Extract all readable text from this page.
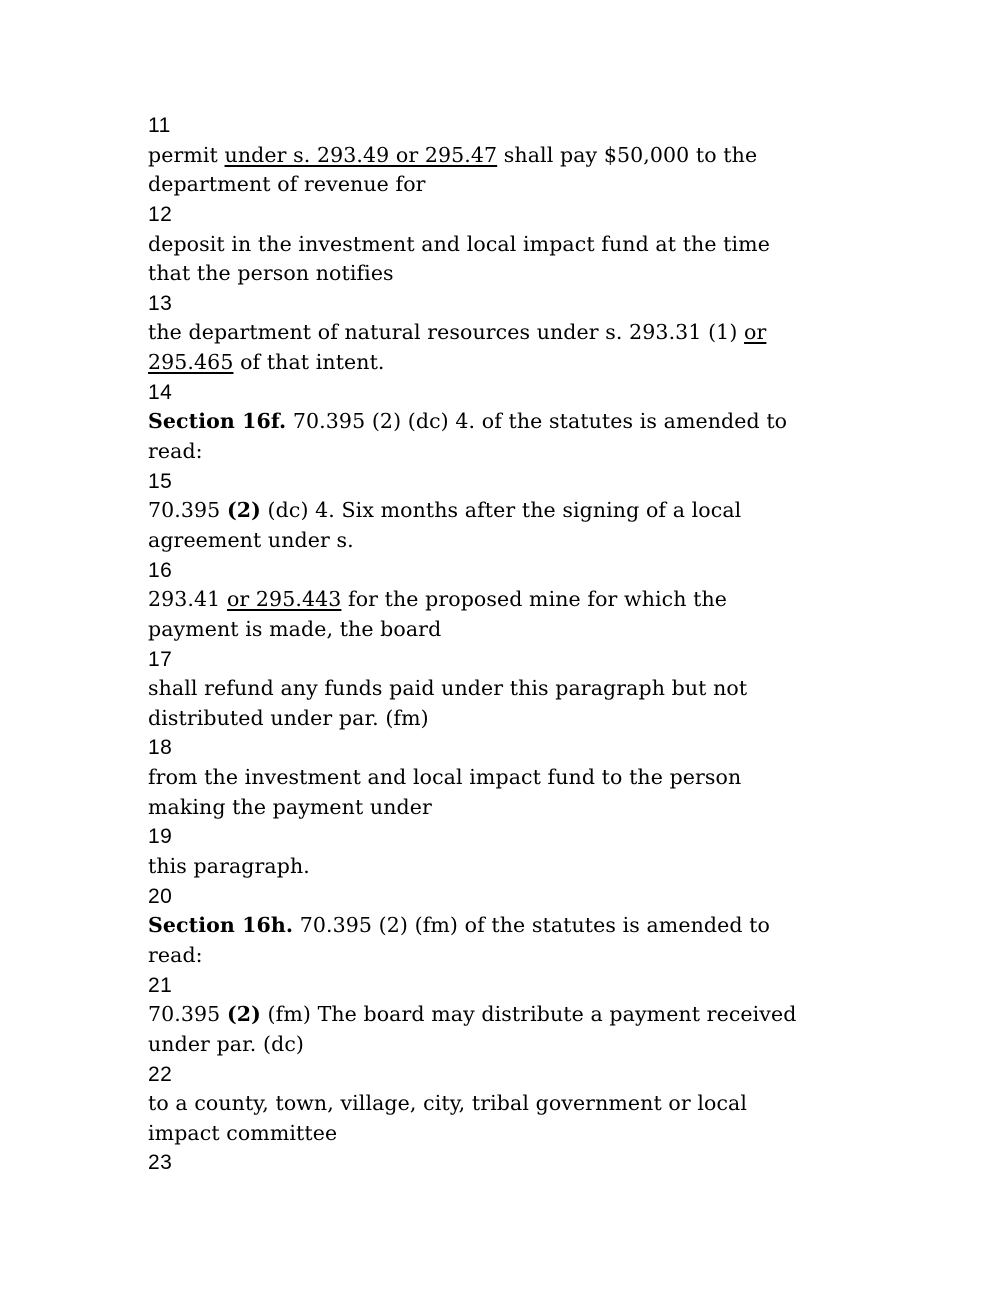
11
permit under s. 293.49 or 295.47 shall pay $50,000 to the
department of revenue for
12
deposit in the investment and local impact fund at the time
that the person notifies
13
the department of natural resources under s. 293.31 (1) or
295.465 of that intent.
14
Section 16f. 70.395 (2) (dc) 4. of the statutes is amended to
read:
15
70.395 (2) (dc) 4. Six months after the signing of a local
agreement under s.
16
293.41 or 295.443 for the proposed mine for which the
payment is made, the board
17
shall refund any funds paid under this paragraph but not
distributed under par. (fm)
18
from the investment and local impact fund to the person
making the payment under
19
this paragraph.
20
Section 16h. 70.395 (2) (fm) of the statutes is amended to
read:
21
70.395 (2) (fm) The board may distribute a payment received
under par. (dc)
22
to a county, town, village, city, tribal government or local
impact committee
23
